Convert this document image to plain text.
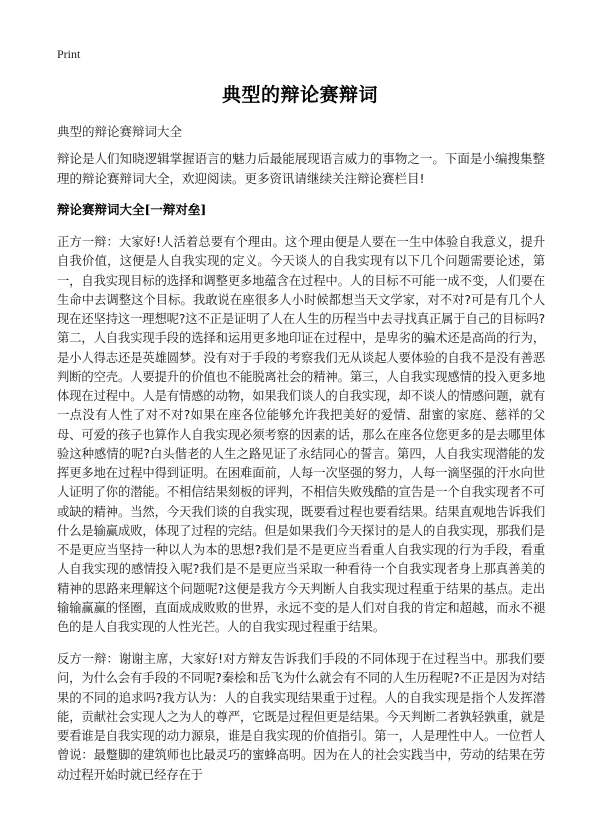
Print
典型的辩论赛辩词
典型的辩论赛辩词大全

辩论是人们知晓逻辑掌握语言的魅力后最能展现语言威力的事物之一。下面是小编搜集整理的辩论赛辩词大全，欢迎阅读。更多资讯请继续关注辩论赛栏目!

辩论赛辩词大全[一辩对垒]

正方一辩：大家好!人活着总要有个理由。这个理由便是人要在一生中体验自我意义，提升自我价值，这便是人自我实现的定义。今天谈人的自我实现有以下几个问题需要论述，第一，自我实现目标的选择和调整更多地蕴含在过程中。人的目标不可能一成不变，人们要在生命中去调整这个目标。我敢说在座很多人小时候都想当天文学家，对不对?可是有几个人现在还坚持这一理想呢?这不正是证明了人在人生的历程当中去寻找真正属于自己的目标吗?第二，人自我实现手段的选择和运用更多地印证在过程中，是卑劣的骗术还是高尚的行为，是小人得志还是英雄圆梦。没有对于手段的考察我们无从谈起人要体验的自我不是没有善恶判断的空壳。人要提升的价值也不能脱离社会的精神。第三，人自我实现感情的投入更多地体现在过程中。人是有情感的动物，如果我们谈人的自我实现，却不谈人的情感问题，就有一点没有人性了对不对?如果在座各位能够允许我把美好的爱情、甜蜜的家庭、慈祥的父母、可爱的孩子也算作人自我实现必须考察的因素的话，那么在座各位您更多的是去哪里体验这种感情的呢?白头偕老的人生之路见证了永结同心的誓言。第四，人自我实现潜能的发挥更多地在过程中得到证明。在困难面前，人每一次坚强的努力，人每一滴坚强的汗水向世人证明了你的潜能。不相信结果刻板的评判，不相信失败残酷的宣告是一个自我实现者不可或缺的精神。当然，今天我们谈的自我实现，既要看过程也要看结果。结果直观地告诉我们什么是输赢成败，体现了过程的完结。但是如果我们今天探讨的是人的自我实现，那我们是不是更应当坚持一种以人为本的思想?我们是不是更应当看重人自我实现的行为手段，看重人自我实现的感情投入呢?我们是不是更应当采取一种看待一个自我实现者身上那真善美的精神的思路来理解这个问题呢?这便是我方今天判断人自我实现过程重于结果的基点。走出输输赢赢的怪圈，直面成成败败的世界，永远不变的是人们对自我的肯定和超越，而永不褪色的是人自我实现的人性光芒。人的自我实现过程重于结果。

反方一辩：谢谢主席，大家好!对方辩友告诉我们手段的不同体现于在过程当中。那我们要问，为什么会有手段的不同呢?秦桧和岳飞为什么就会有不同的人生历程呢?不正是因为对结果的不同的追求吗?我方认为：人的自我实现结果重于过程。人的自我实现是指个人发挥潜能，贡献社会实现人之为人的尊严，它既是过程但更是结果。今天判断二者孰轻孰重，就是要看谁是自我实现的动力源泉，谁是自我实现的价值指引。第一，人是理性中人。一位哲人曾说：最蹩脚的建筑师也比最灵巧的蜜蜂高明。因为在人的社会实践当中，劳动的结果在劳动过程开始时就已经存在于
